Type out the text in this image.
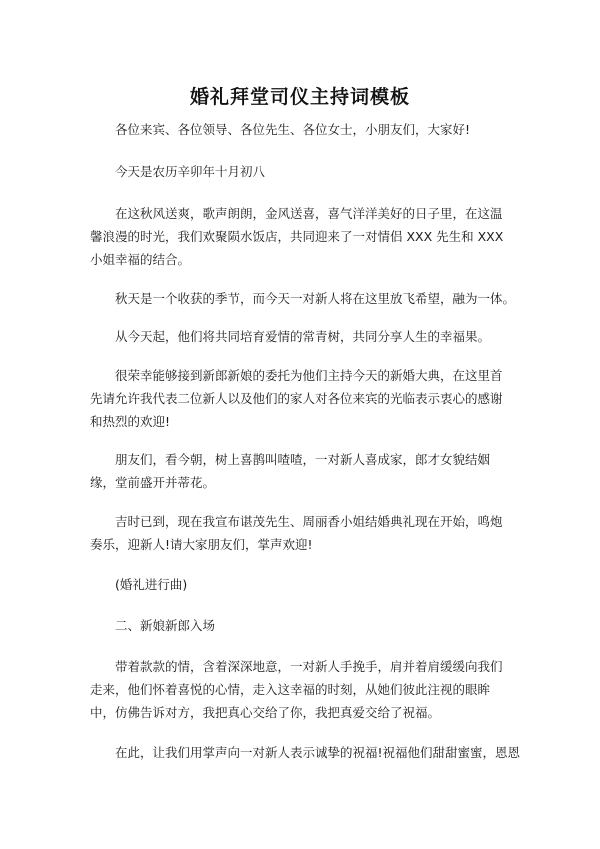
婚礼拜堂司仪主持词模板

各位来宾、各位领导、各位先生、各位女士，小朋友们，大家好!

今天是农历辛卯年十月初八

在这秋风送爽，歌声朗朗，金风送喜，喜气洋洋美好的日子里，在这温馨浪漫的时光，我们欢聚陨水饭店，共同迎来了一对情侣 XXX 先生和 XXX 小姐幸福的结合。

秋天是一个收获的季节，而今天一对新人将在这里放飞希望，融为一体。

从今天起，他们将共同培育爱情的常青树，共同分享人生的幸福果。

很荣幸能够接到新郎新娘的委托为他们主持今天的新婚大典，在这里首先请允许我代表二位新人以及他们的家人对各位来宾的光临表示衷心的感谢和热烈的欢迎!

朋友们，看今朝，树上喜鹊叫喳喳，一对新人喜成家，郎才女貌结姻缘，堂前盛开并蒂花。

吉时已到，现在我宣布谌茂先生、周丽香小姐结婚典礼现在开始，鸣炮奏乐，迎新人!请大家朋友们，掌声欢迎!

(婚礼进行曲)

二、新娘新郎入场

带着款款的情，含着深深地意，一对新人手挽手，肩并着肩缓缓向我们走来，他们怀着喜悦的心情，走入这幸福的时刻，从她们彼此注视的眼眸中，仿佛告诉对方，我把真心交给了你，我把真爱交给了祝福。

在此，让我们用掌声向一对新人表示诚挚的祝福!祝福他们甜甜蜜蜜，恩恩
